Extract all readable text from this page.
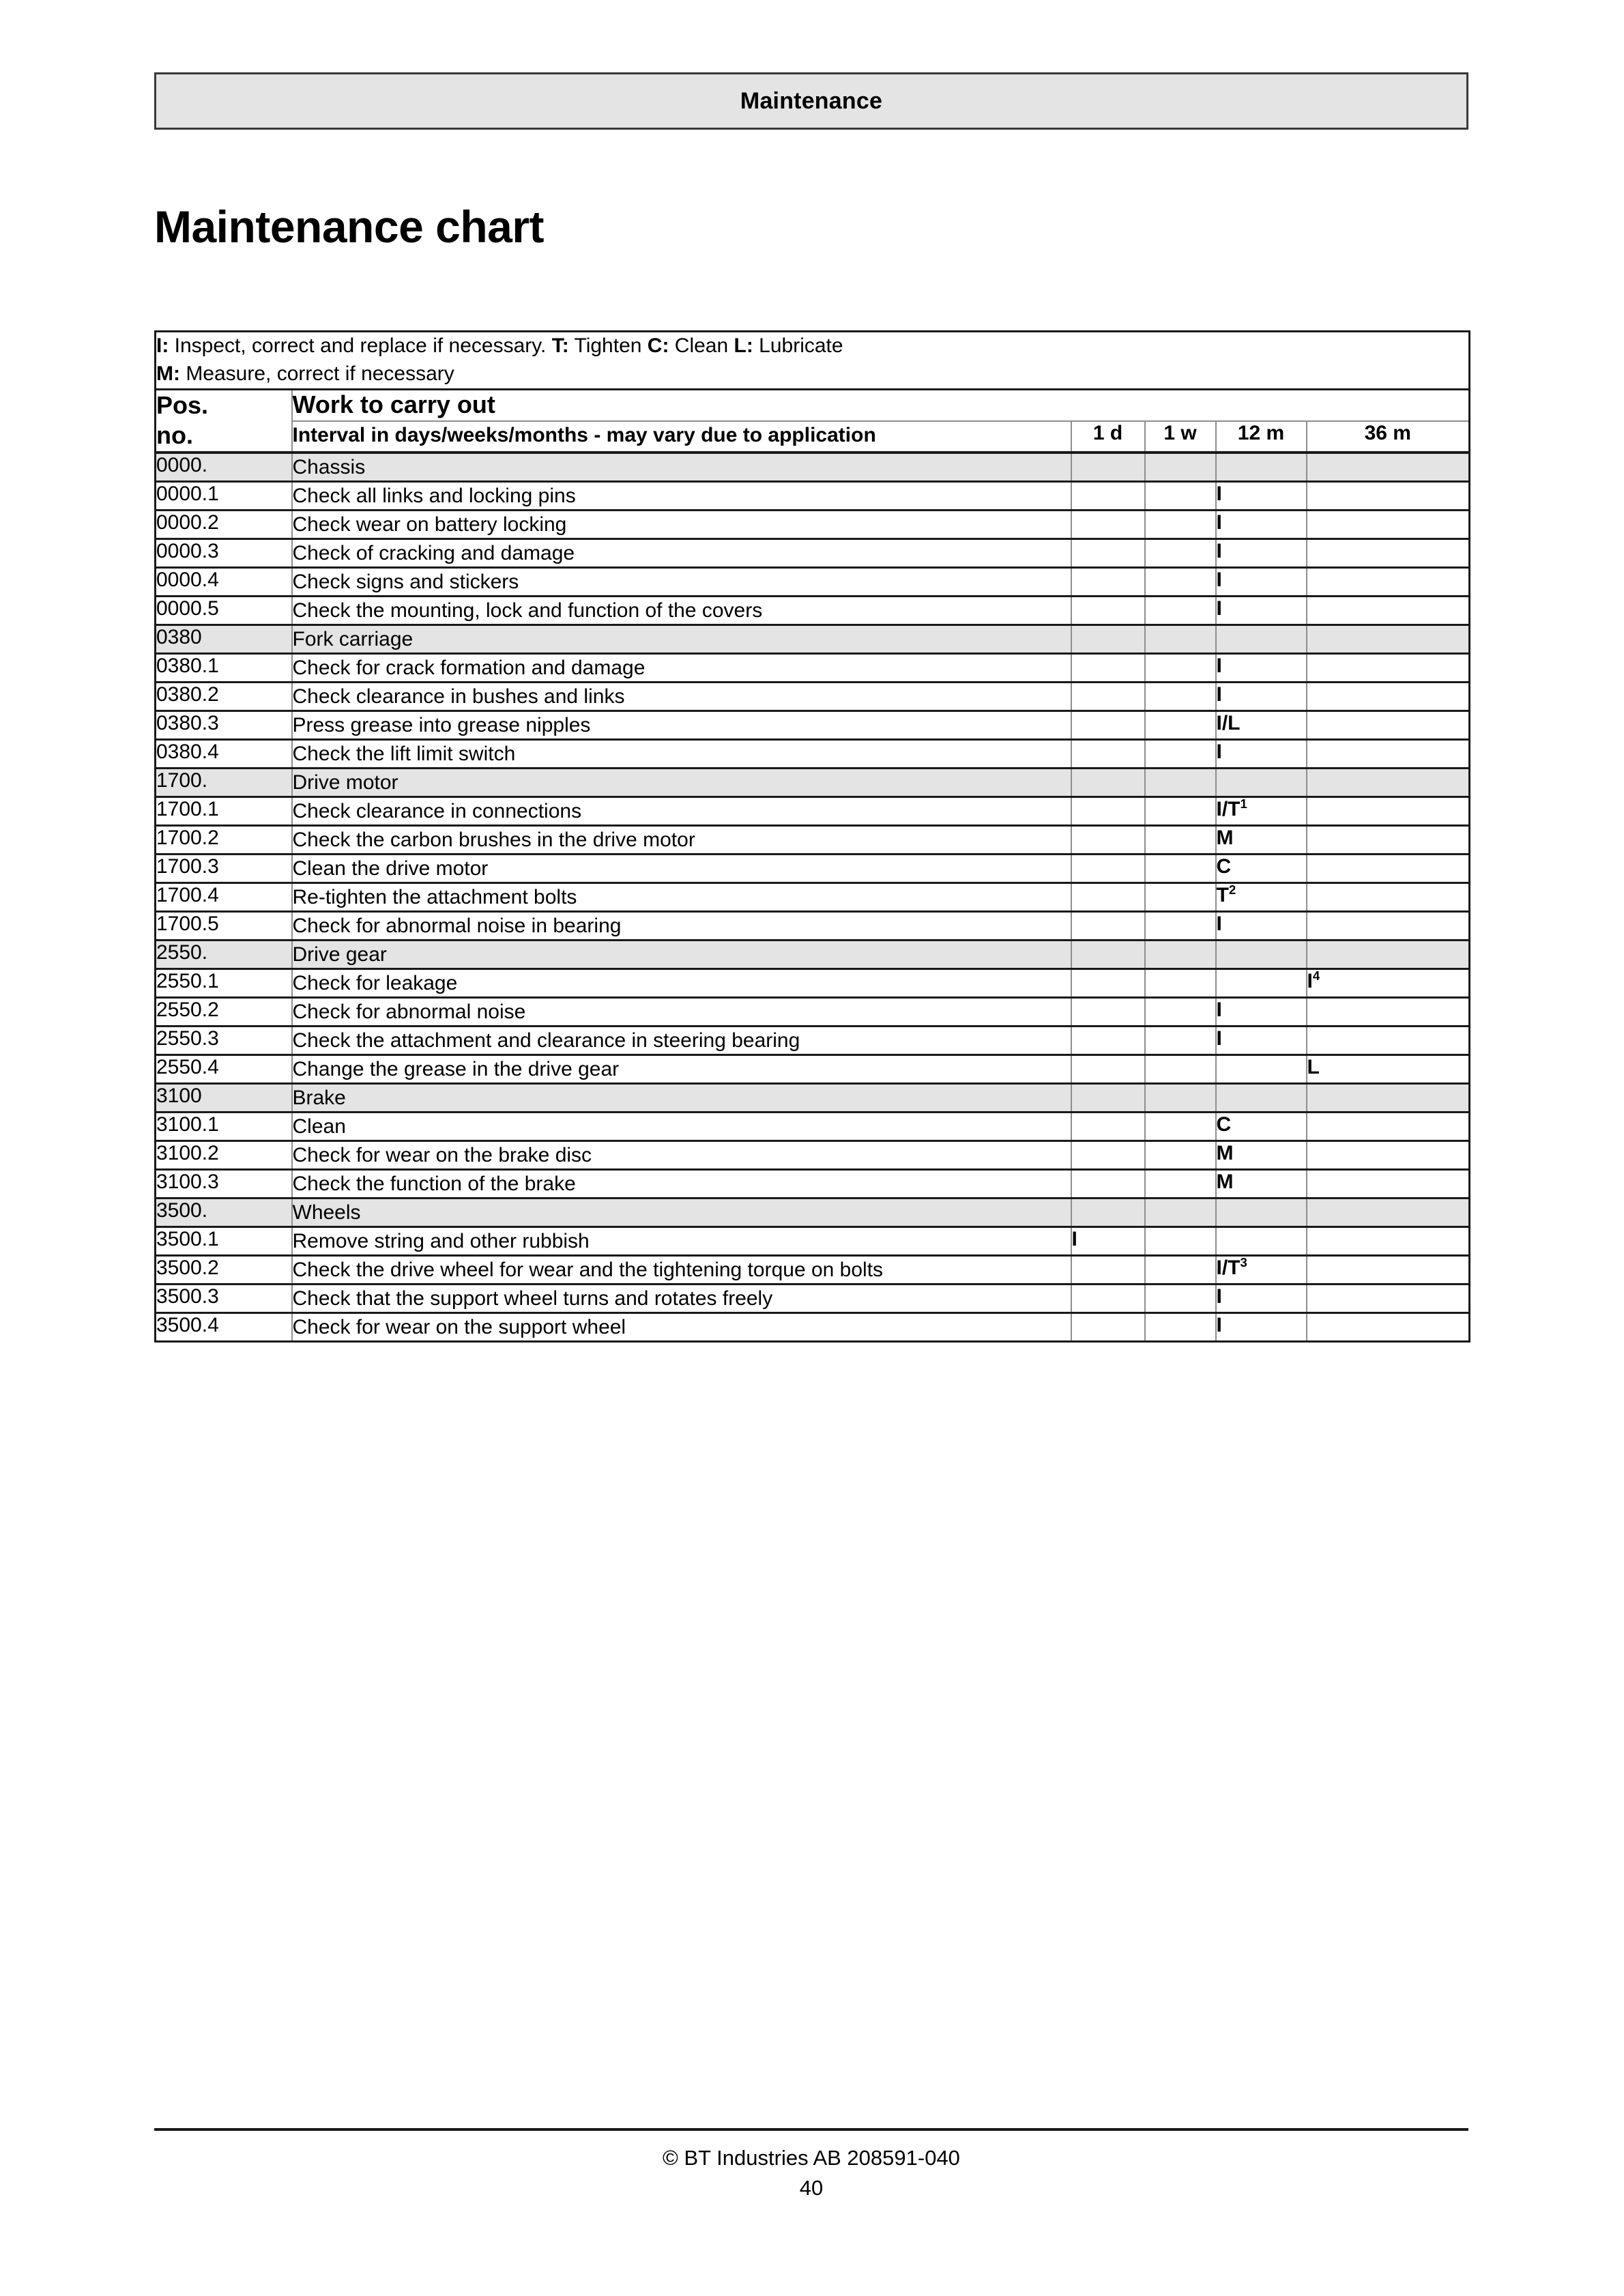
Maintenance
Maintenance chart
I: Inspect, correct and replace if necessary. T: Tighten C: Clean L: Lubricate
M: Measure, correct if necessary					

Pos.
no.	Work to carry out				
	Interval in days/weeks/months - may vary due to application	1 d	1 w	12 m	36 m
0000.	Chassis				
0000.1	Check all links and locking pins			I	
0000.2	Check wear on battery locking			I	
0000.3	Check of cracking and damage			I	
0000.4	Check signs and stickers			I	
0000.5	Check the mounting, lock and function of the covers			I	
0380	Fork carriage				
0380.1	Check for crack formation and damage			I	
0380.2	Check clearance in bushes and links			I	
0380.3	Press grease into grease nipples			I/L	
0380.4	Check the lift limit switch			I	
1700.	Drive motor				
1700.1	Check clearance in connections			$I/T^1$	
1700.2	Check the carbon brushes in the drive motor			M	
1700.3	Clean the drive motor			C	
1700.4	Re-tighten the attachment bolts			$T^2$	
1700.5	Check for abnormal noise in bearing			I	
2550.	Drive gear				
2550.1	Check for leakage				$I^4$
2550.2	Check for abnormal noise			I	
2550.3	Check the attachment and clearance in steering bearing			I	
2550.4	Change the grease in the drive gear				L
3100	Brake				
3100.1	Clean			C	
3100.2	Check for wear on the brake disc			M	
3100.3	Check the function of the brake			M	
3500.	Wheels				
3500.1	Remove string and other rubbish	I			
3500.2	Check the drive wheel for wear and the tightening torque on bolts			$I/T^3$	
3500.3	Check that the support wheel turns and rotates freely			I	
3500.4	Check for wear on the support wheel			I	
© BT Industries AB 208591-040
40
